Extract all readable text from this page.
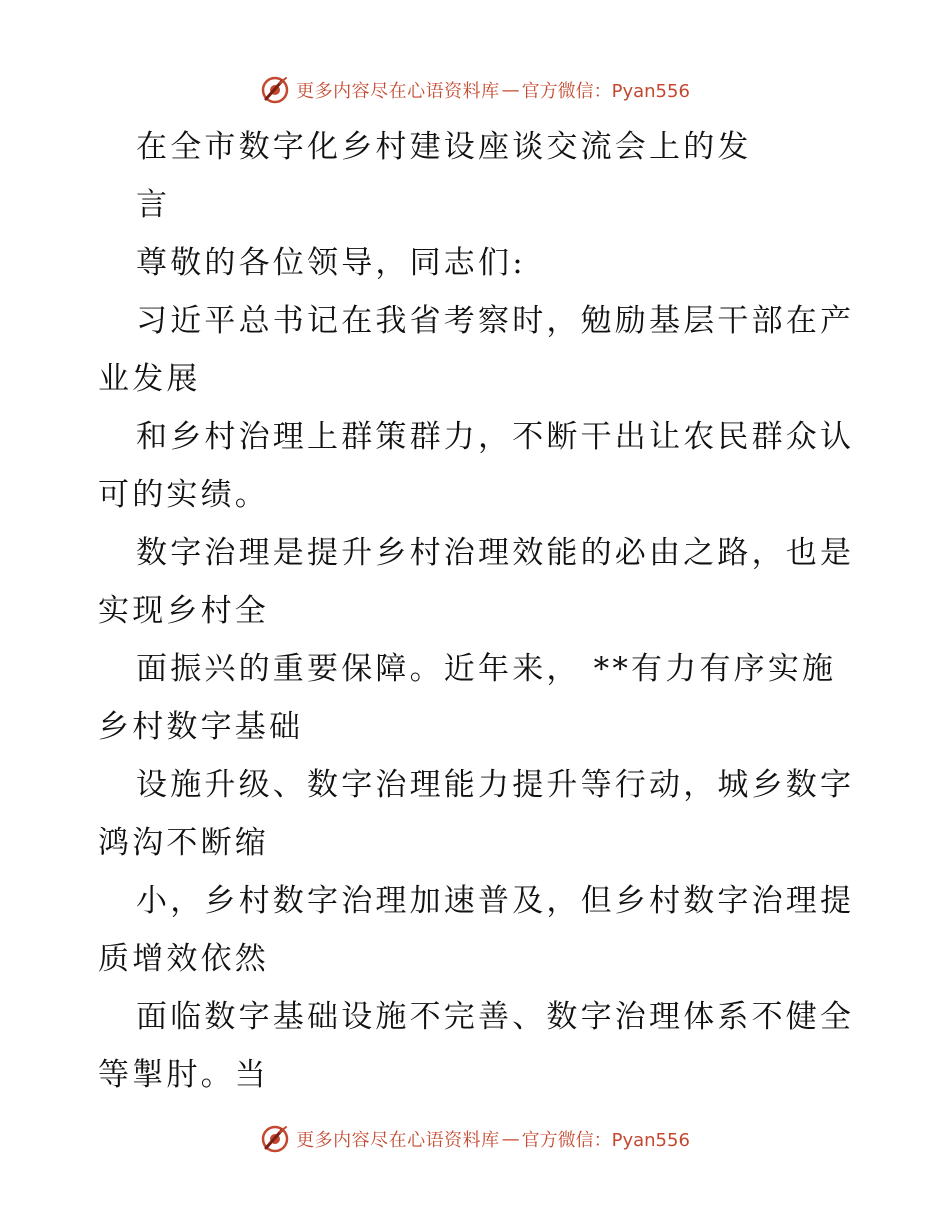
更多内容尽在心语资料库 — 官方微信：Pyan556
在全市数字化乡村建设座谈交流会上的发
言
尊敬的各位领导，同志们:
习近平总书记在我省考察时，勉励基层干部在产
业发展
和乡村治理上群策群力，不断干出让农民群众认
可的实绩。
数字治理是提升乡村治理效能的必由之路，也是
实现乡村全
面振兴的重要保障。近年来， **有力有序实施
乡村数字基础
设施升级、数字治理能力提升等行动，城乡数字
鸿沟不断缩
小，乡村数字治理加速普及，但乡村数字治理提
质增效依然
面临数字基础设施不完善、数字治理体系不健全
等掣肘。当
更多内容尽在心语资料库 — 官方微信：Pyan556
